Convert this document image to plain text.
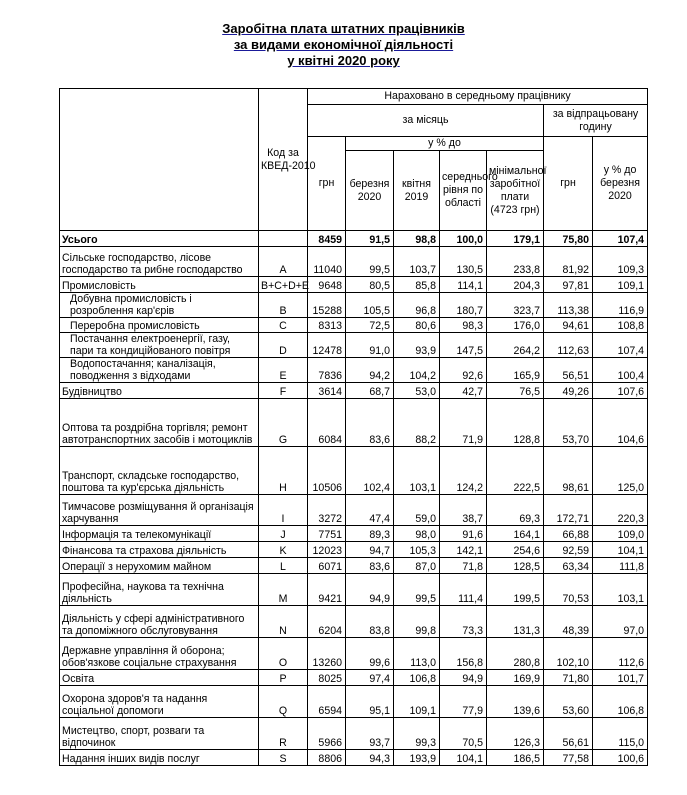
Заробітна плата штатних працівників
за видами економічної діяльності
у квітні 2020 року
	Код за КВЕД-2010	Нараховано в середньому працівнику						
		за місяць					за відпрацьовану годину	
		грн	у % до				грн	у % до березня 2020
			березня 2020	квітня 2019	середнього рівня по області	мінімальної заробітної плати (4723 грн)		
Усього		8459	91,5	98,8	100,0	179,1	75,80	107,4
Сільське господарство, лісове господарство та рибне господарство	A	11040	99,5	103,7	130,5	233,8	81,92	109,3
Промисловість	B+C+D+E	9648	80,5	85,8	114,1	204,3	97,81	109,1
Добувна промисловість і розроблення кар'єрів	B	15288	105,5	96,8	180,7	323,7	113,38	116,9
Переробна промисловість	C	8313	72,5	80,6	98,3	176,0	94,61	108,8
Постачання електроенергії, газу, пари та кондиційованого повітря	D	12478	91,0	93,9	147,5	264,2	112,63	107,4
Водопостачання; каналізація, поводження з відходами	E	7836	94,2	104,2	92,6	165,9	56,51	100,4
Будівництво	F	3614	68,7	53,0	42,7	76,5	49,26	107,6
Оптова та роздрібна торгівля; ремонт автотранспортних засобів і мотоциклів	G	6084	83,6	88,2	71,9	128,8	53,70	104,6
Транспорт, складське господарство, поштова та кур'єрська діяльність	H	10506	102,4	103,1	124,2	222,5	98,61	125,0
Тимчасове розміщування й організація харчування	I	3272	47,4	59,0	38,7	69,3	172,71	220,3
Інформація та телекомунікації	J	7751	89,3	98,0	91,6	164,1	66,88	109,0
Фінансова та страхова діяльність	K	12023	94,7	105,3	142,1	254,6	92,59	104,1
Операції з нерухомим майном	L	6071	83,6	87,0	71,8	128,5	63,34	111,8
Професійна, наукова та технічна діяльність	M	9421	94,9	99,5	111,4	199,5	70,53	103,1
Діяльність у сфері адміністративного та допоміжного обслуговування	N	6204	83,8	99,8	73,3	131,3	48,39	97,0
Державне управління й оборона; обов'язкове соціальне страхування	O	13260	99,6	113,0	156,8	280,8	102,10	112,6
Освіта	P	8025	97,4	106,8	94,9	169,9	71,80	101,7
Охорона здоров'я та надання соціальної допомоги	Q	6594	95,1	109,1	77,9	139,6	53,60	106,8
Мистецтво, спорт, розваги та відпочинок	R	5966	93,7	99,3	70,5	126,3	56,61	115,0
Надання інших видів послуг	S	8806	94,3	193,9	104,1	186,5	77,58	100,6
